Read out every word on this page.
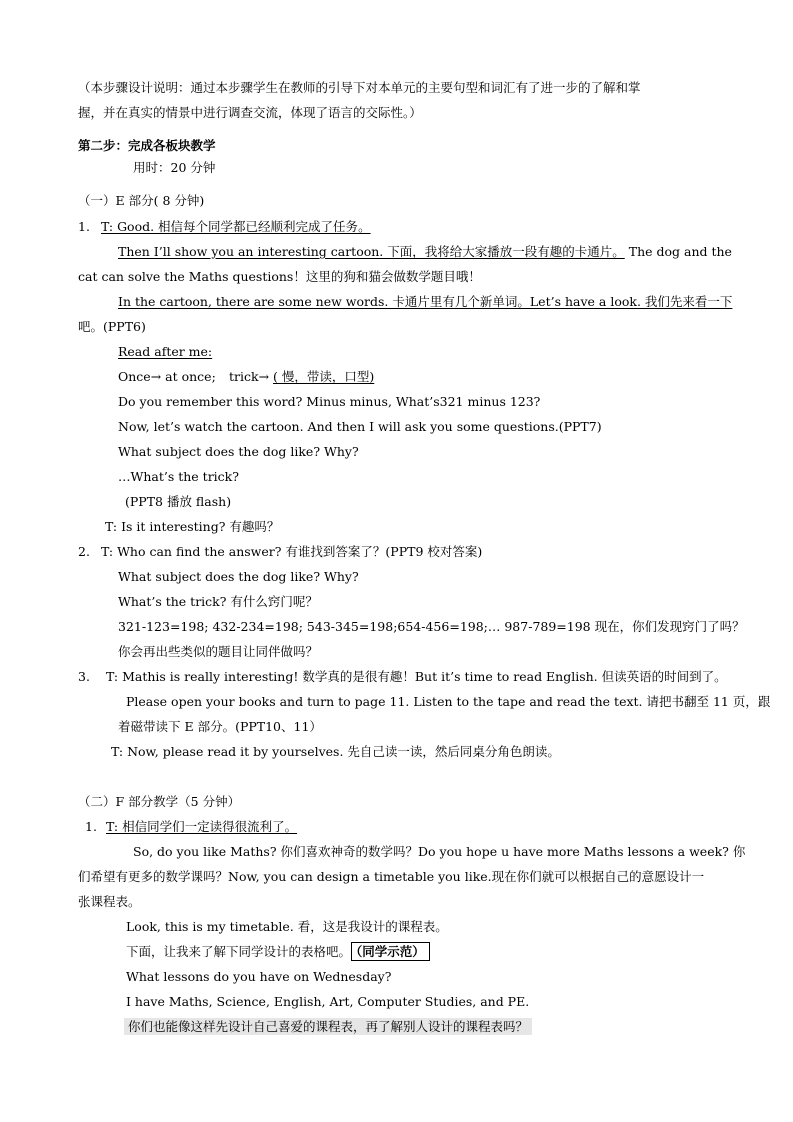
（本步骤设计说明：通过本步骤学生在教师的引导下对本单元的主要句型和词汇有了进一步的了解和掌
握，并在真实的情景中进行调查交流，体现了语言的交际性。）
第二步：完成各板块教学
用时：20 分钟
（一）E 部分( 8 分钟)
1. T: Good. 相信每个同学都已经顺利完成了任务。
Then I’ll show you an interesting cartoon. 下面，我将给大家播放一段有趣的卡通片。 The dog and the
cat can solve the Maths questions！这里的狗和猫会做数学题目哦！
In the cartoon, there are some new words. 卡通片里有几个新单词。Let’s have a look. 我们先来看一下
吧。(PPT6)
Read after me:
Once→ at once; trick→ ( 慢，带读，口型)
Do you remember this word? Minus minus, What’s321 minus 123?
Now, let’s watch the cartoon. And then I will ask you some questions.(PPT7)
What subject does the dog like? Why?
…What’s the trick?
(PPT8 播放 flash)
T: Is it interesting? 有趣吗？
2. T: Who can find the answer? 有谁找到答案了？(PPT9 校对答案)
What subject does the dog like? Why?
What’s the trick? 有什么窍门呢？
321-123=198; 432-234=198; 543-345=198;654-456=198;… 987-789=198 现在，你们发现窍门了吗？
你会再出些类似的题目让同伴做吗？
3. T: Mathis is really interesting! 数学真的是很有趣！But it’s time to read English. 但读英语的时间到了。
Please open your books and turn to page 11. Listen to the tape and read the text. 请把书翻至 11 页，跟
着磁带读下 E 部分。(PPT10、11）
T: Now, please read it by yourselves. 先自己读一读，然后同桌分角色朗读。
（二）F 部分教学（5 分钟）
1. T: 相信同学们一定读得很流利了。
So, do you like Maths? 你们喜欢神奇的数学吗？Do you hope u have more Maths lessons a week? 你
们希望有更多的数学课吗？Now, you can design a timetable you like.现在你们就可以根据自己的意愿设计一
张课程表。
Look, this is my timetable. 看，这是我设计的课程表。
下面，让我来了解下同学设计的表格吧。 （同学示范）
What lessons do you have on Wednesday?
I have Maths, Science, English, Art, Computer Studies, and PE.
你们也能像这样先设计自己喜爱的课程表，再了解别人设计的课程表吗？
